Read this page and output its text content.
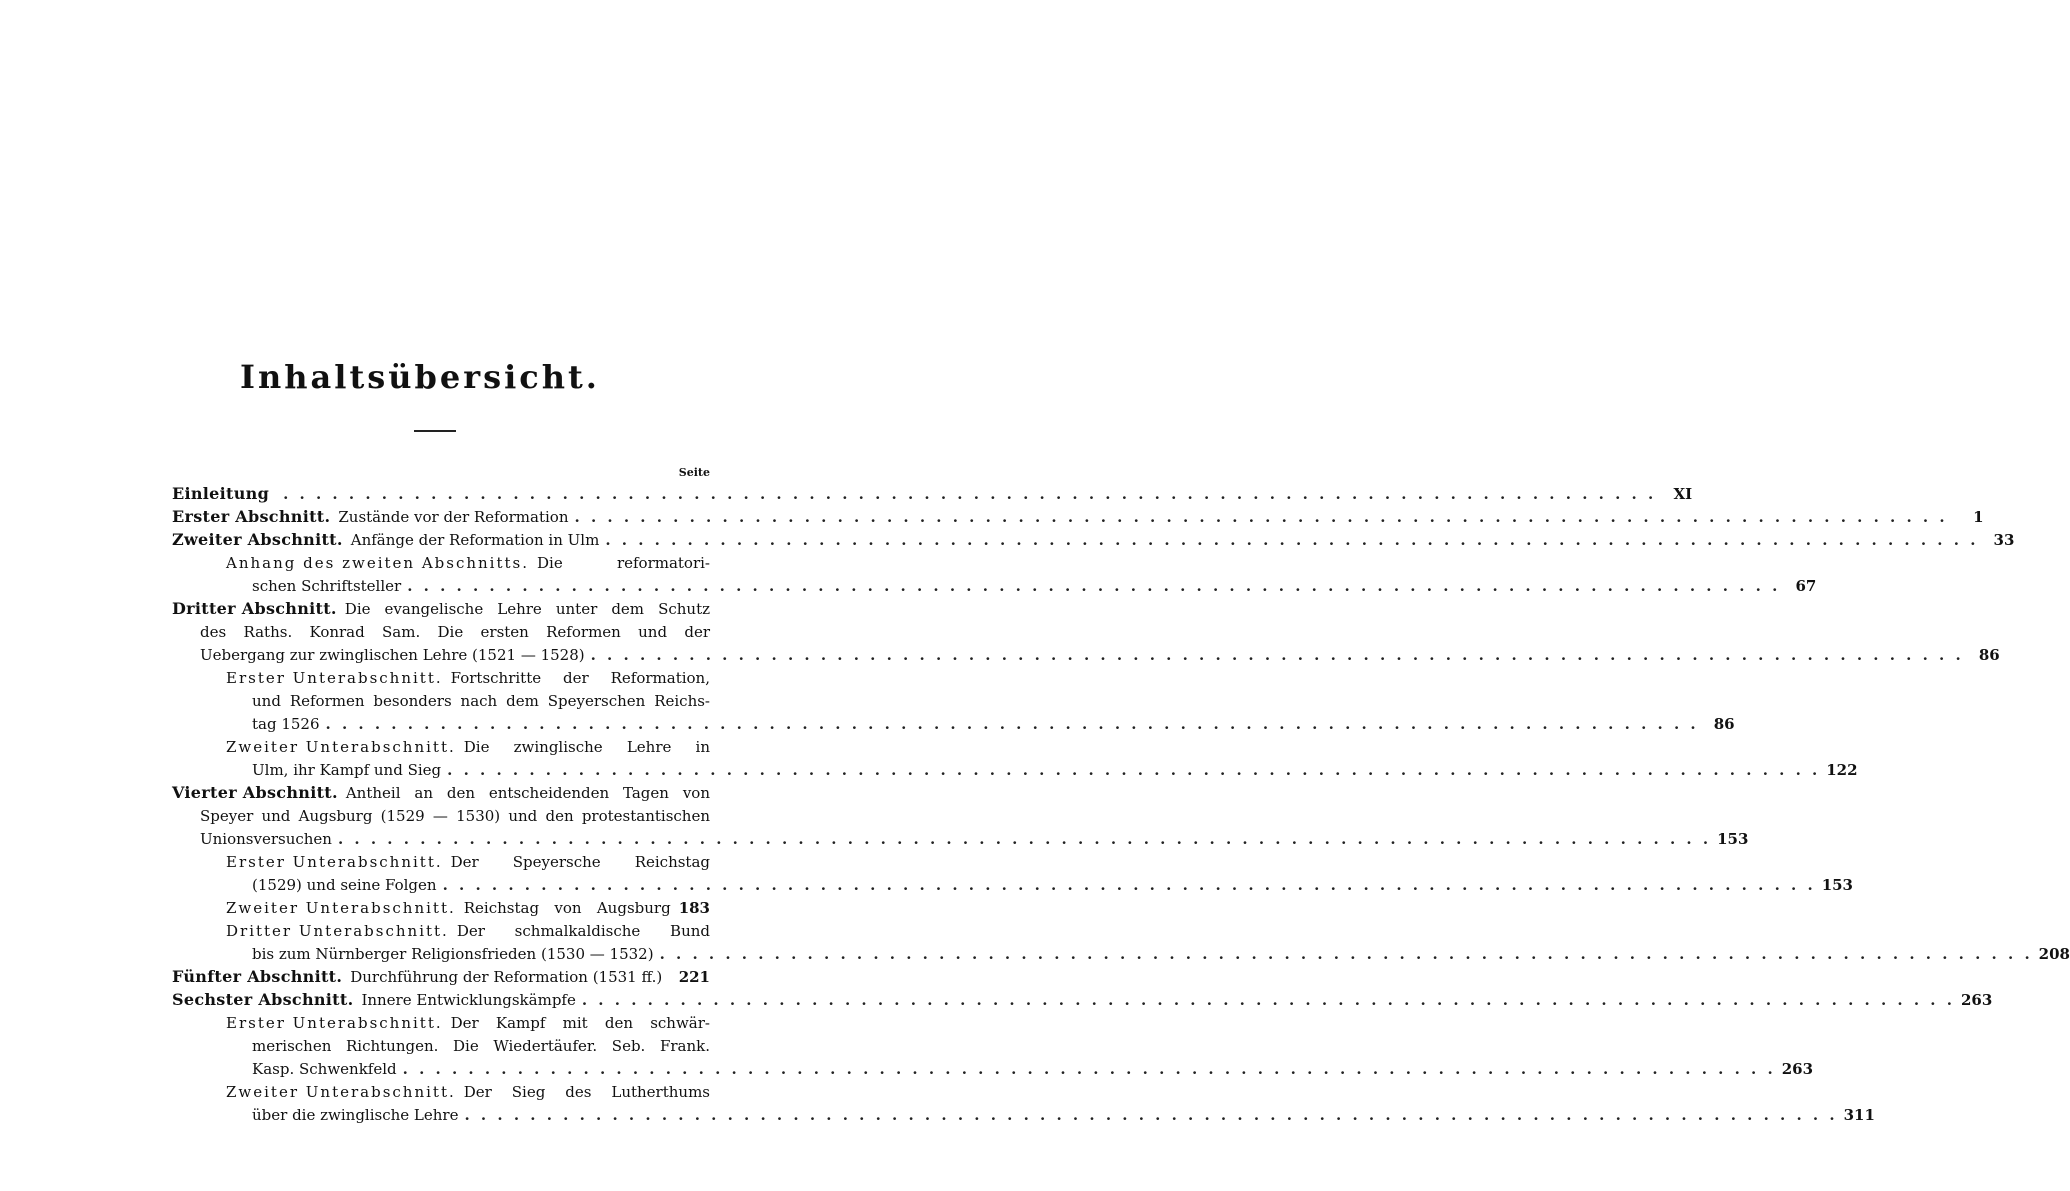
Inhaltsübersicht.
Seite
Einleitung . . .	XI
Erster Abschnitt. Zustände vor der Reformation . . .	1
Zweiter Abschnitt. Anfänge der Reformation in Ulm . . .	33
Anhang des zweiten Abschnitts. Die reformatori-
schen Schriftsteller . . .	67
Dritter Abschnitt. Die evangelische Lehre unter dem Schutz
des Raths. Konrad Sam. Die ersten Reformen und der
Uebergang zur zwinglischen Lehre (1521 — 1528) . . .	86
Erster Unterabschnitt. Fortschritte der Reformation,
und Reformen besonders nach dem Speyerschen Reichs-
tag 1526 . . .	86
Zweiter Unterabschnitt. Die zwinglische Lehre in
Ulm, ihr Kampf und Sieg . . .	122
Vierter Abschnitt. Antheil an den entscheidenden Tagen von
Speyer und Augsburg (1529 — 1530) und den protestantischen
Unionsversuchen . . .	153
Erster Unterabschnitt. Der Speyersche Reichstag
(1529) und seine Folgen . . .	153
Zweiter Unterabschnitt. Reichstag von Augsburg 183
Dritter Unterabschnitt. Der schmalkaldische Bund
bis zum Nürnberger Religionsfrieden (1530 — 1532) . . .	208
Fünfter Abschnitt. Durchführung der Reformation (1531 ff.) 221
Sechster Abschnitt. Innere Entwicklungskämpfe . . .	263
Erster Unterabschnitt. Der Kampf mit den schwär-
merischen Richtungen. Die Wiedertäufer. Seb. Frank.
Kasp. Schwenkfeld . . .	263
Zweiter Unterabschnitt. Der Sieg des Lutherthums
über die zwinglische Lehre . . .	311
